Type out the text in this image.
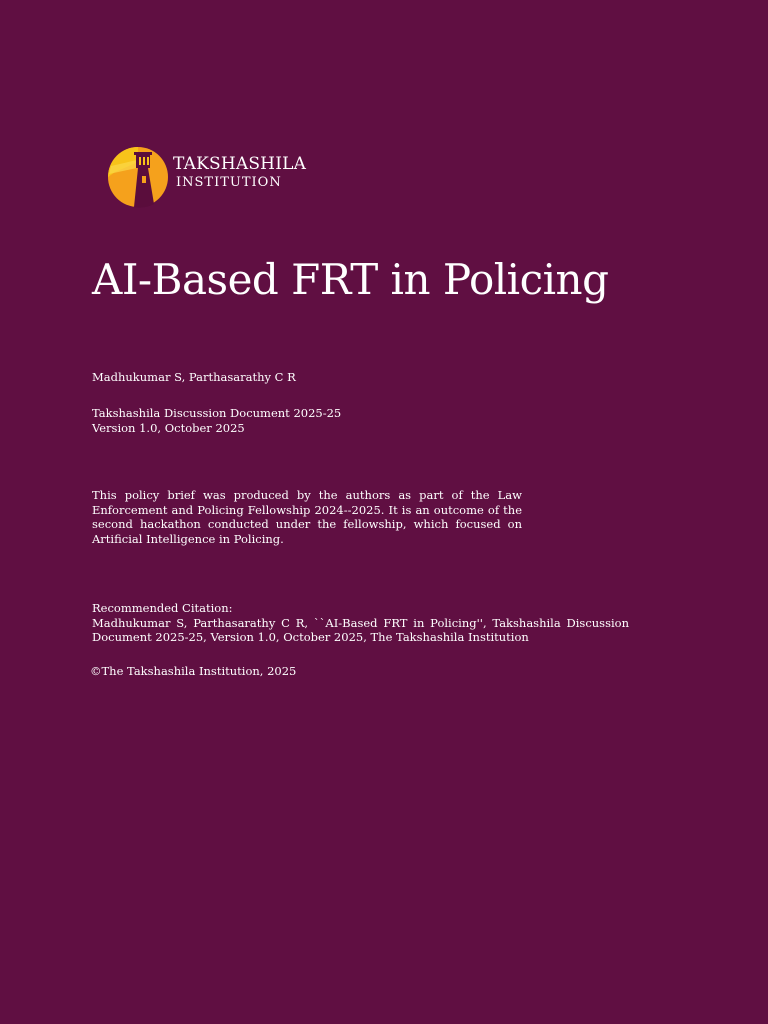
TAKSHASHILA
INSTITUTION
AI-Based FRT in Policing

Madhukumar S, Parthasarathy C R

Takshashila Discussion Document 2025-25
Version 1.0, October 2025

This policy brief was produced by the authors as part of the Law Enforcement and Policing Fellowship 2024--2025. It is an outcome of the second hackathon conducted under the fellowship, which focused on Artificial Intelligence in Policing.

Recommended Citation:
Madhukumar S, Parthasarathy C R, ``AI-Based FRT in Policing'', Takshashila Discussion Document 2025-25, Version 1.0, October 2025, The Takshashila Institution

©The Takshashila Institution, 2025
